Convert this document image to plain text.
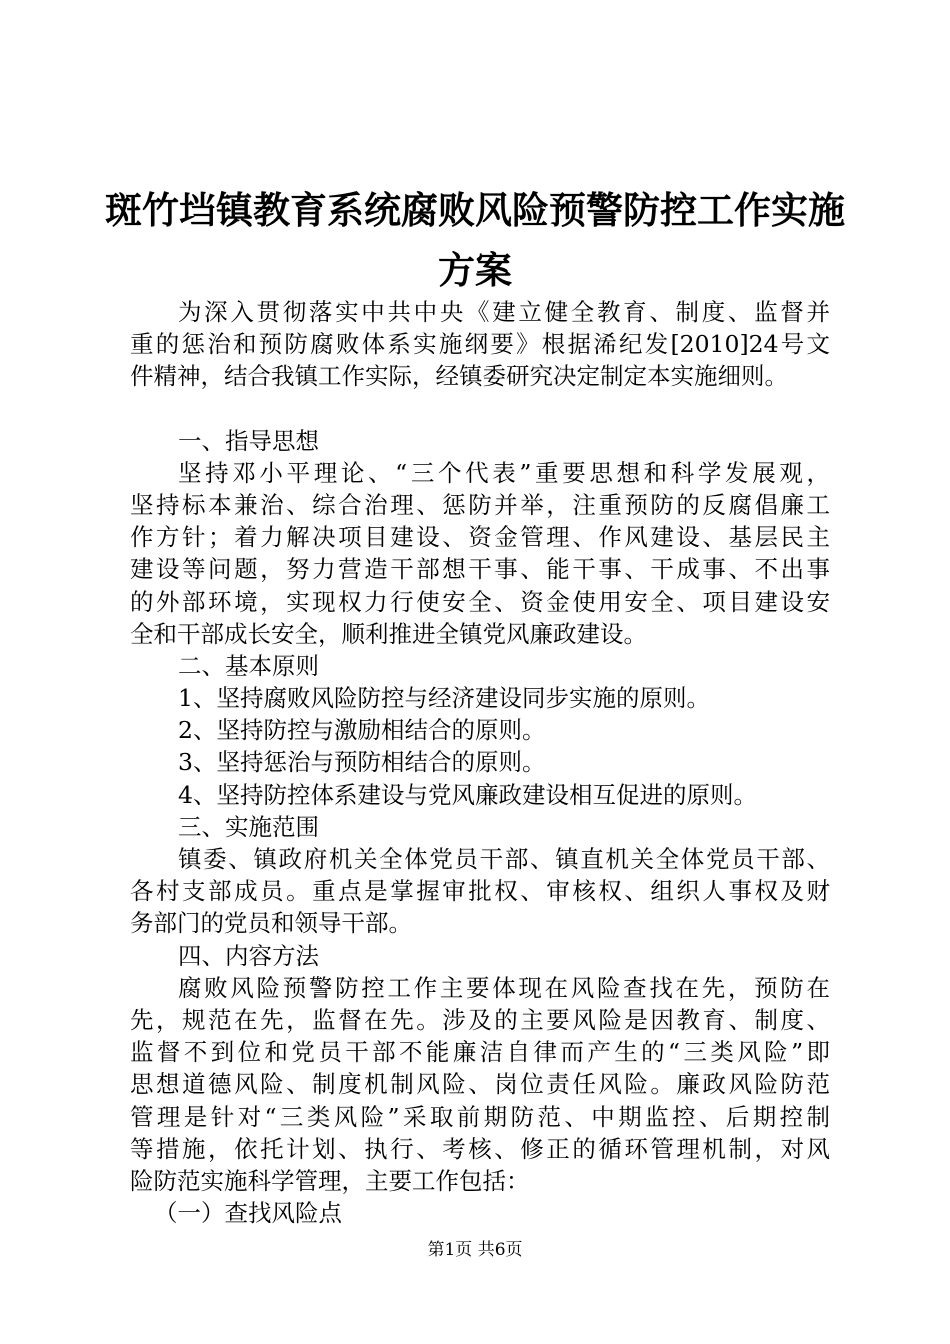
斑竹垱镇教育系统腐败风险预警防控工作实施
方案
为深入贯彻落实中共中央《建立健全教育、制度、监督并
重的惩治和预防腐败体系实施纲要》根据浠纪发[2010]24号文
件精神，结合我镇工作实际，经镇委研究决定制定本实施细则。
一、指导思想
坚持邓小平理论、“三个代表”重要思想和科学发展观，
坚持标本兼治、综合治理、惩防并举，注重预防的反腐倡廉工
作方针；着力解决项目建设、资金管理、作风建设、基层民主
建设等问题，努力营造干部想干事、能干事、干成事、不出事
的外部环境，实现权力行使安全、资金使用安全、项目建设安
全和干部成长安全，顺利推进全镇党风廉政建设。
二、基本原则
1、坚持腐败风险防控与经济建设同步实施的原则。
2、坚持防控与激励相结合的原则。
3、坚持惩治与预防相结合的原则。
4、坚持防控体系建设与党风廉政建设相互促进的原则。
三、实施范围
镇委、镇政府机关全体党员干部、镇直机关全体党员干部、
各村支部成员。重点是掌握审批权、审核权、组织人事权及财
务部门的党员和领导干部。
四、内容方法
腐败风险预警防控工作主要体现在风险查找在先，预防在
先，规范在先，监督在先。涉及的主要风险是因教育、制度、
监督不到位和党员干部不能廉洁自律而产生的“三类风险”即
思想道德风险、制度机制风险、岗位责任风险。廉政风险防范
管理是针对“三类风险”采取前期防范、中期监控、后期控制
等措施，依托计划、执行、考核、修正的循环管理机制，对风
险防范实施科学管理，主要工作包括：
（一）查找风险点
第1页 共6页
